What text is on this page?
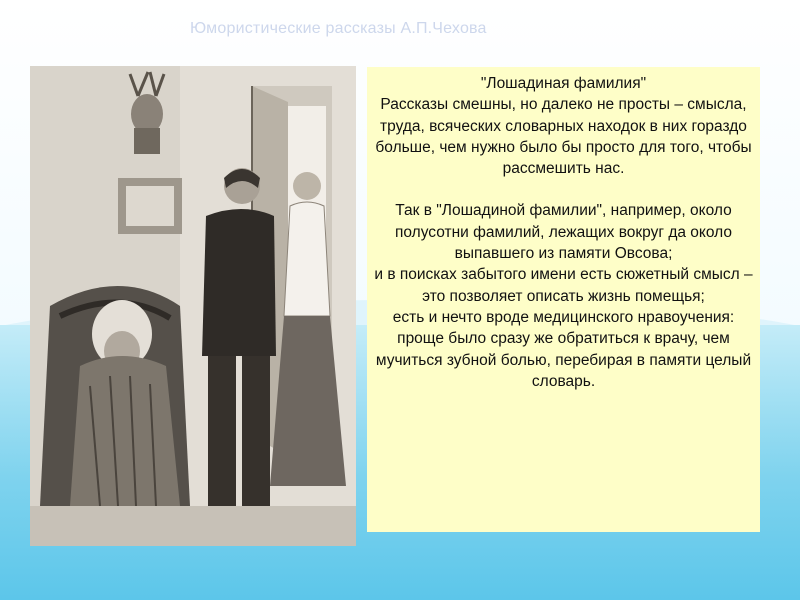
Юмористические рассказы А.П.Чехова

"Лошадиная фамилия"

Рассказы смешны, но далеко не просты – смысла, труда, всяческих словарных находок в них гораздо больше, чем нужно было бы просто для того, чтобы рассмешить нас.

Так в "Лошадиной фамилии", например, около полусотни фамилий, лежащих вокруг да около выпавшего из памяти Овсова;

и в поисках забытого имени есть сюжетный смысл – это позволяет описать жизнь помещья;

есть и нечто вроде медицинского нравоучения: проще было сразу же обратиться к врачу, чем мучиться зубной болью, перебирая в памяти целый словарь.
